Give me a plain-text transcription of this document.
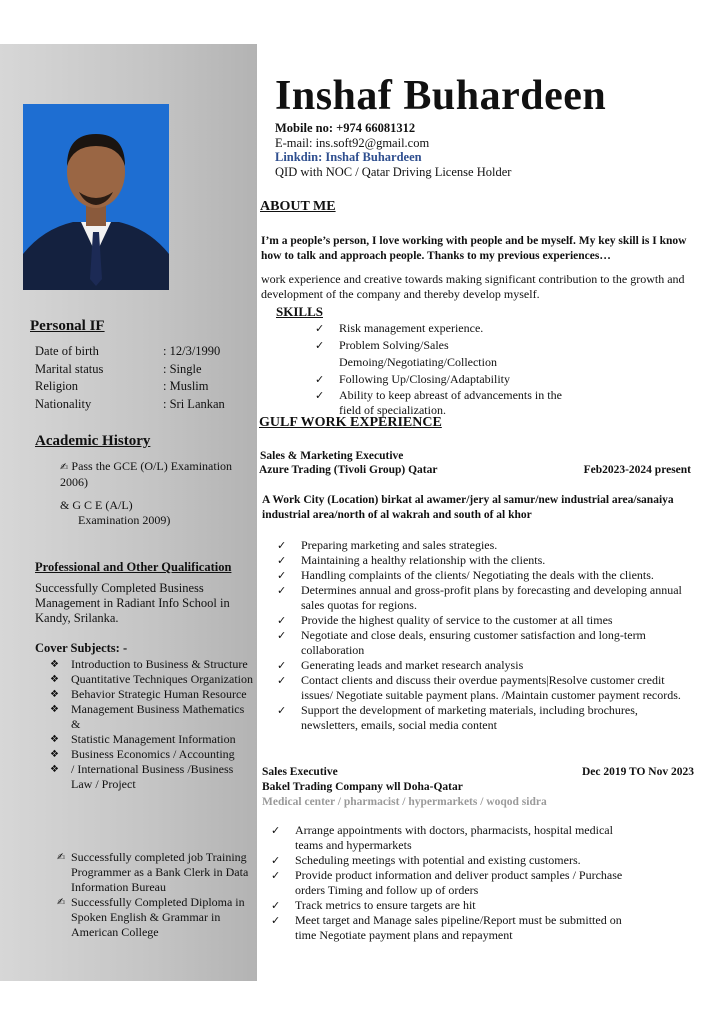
Personal IF
Date of birth	: 12/3/1990
Marital status	: Single
Religion	: Muslim
Nationality	: Sri Lankan
Academic History
✍ Pass the GCE (O/L) Examination 2006)
& G C E (A/L)
Examination 2009)
Professional and Other Qualification
Successfully Completed Business Management in Radiant Info School in Kandy, Srilanka.
Cover Subjects: -
❖ Introduction to Business & Structure
❖ Quantitative Techniques Organization
❖ Behavior Strategic Human Resource
❖ Management Business Mathematics &
❖ Statistic Management Information
❖ Business Economics / Accounting
❖ / International Business /Business Law / Project
✍ Successfully completed job Training Programmer as a Bank Clerk in Data Information Bureau
✍ Successfully Completed Diploma in Spoken English & Grammar in American College
Inshaf Buhardeen
Mobile no: +974 66081312
E-mail: ins.soft92@gmail.com
Linkdin: Inshaf Buhardeen
QID with NOC / Qatar Driving License Holder
ABOUT ME
I’m a people’s person, I love working with people and be myself. My key skill is I know how to talk and approach people. Thanks to my previous experiences…
work experience and creative towards making significant contribution to the growth and development of the company and thereby develop myself.
SKILLS
✓ Risk management experience.
✓ Problem Solving/Sales Demoing/Negotiating/Collection
✓ Following Up/Closing/Adaptability
✓ Ability to keep abreast of advancements in the field of specialization.
GULF WORK EXPERIENCE
Sales & Marketing Executive
Azure Trading (Tivoli Group) Qatar	Feb2023-2024 present
A Work City (Location) birkat al awamer/jery al samur/new industrial area/sanaiya industrial area/north of al wakrah and south of al khor
✓ Preparing marketing and sales strategies.
✓ Maintaining a healthy relationship with the clients.
✓ Handling complaints of the clients/ Negotiating the deals with the clients.
✓ Determines annual and gross-profit plans by forecasting and developing annual sales quotas for regions.
✓ Provide the highest quality of service to the customer at all times
✓ Negotiate and close deals, ensuring customer satisfaction and long-term collaboration
✓ Generating leads and market research analysis
✓ Contact clients and discuss their overdue payments|Resolve customer credit issues/ Negotiate suitable payment plans. /Maintain customer payment records.
✓ Support the development of marketing materials, including brochures, newsletters, emails, social media content
Sales Executive	Dec 2019 TO Nov 2023
Bakel Trading Company wll Doha-Qatar
Medical center / pharmacist / hypermarkets / woqod sidra
✓ Arrange appointments with doctors, pharmacists, hospital medical teams and hypermarkets
✓ Scheduling meetings with potential and existing customers.
✓ Provide product information and deliver product samples / Purchase orders Timing and follow up of orders
✓ Track metrics to ensure targets are hit
✓ Meet target and Manage sales pipeline/Report must be submitted on time Negotiate payment plans and repayment
